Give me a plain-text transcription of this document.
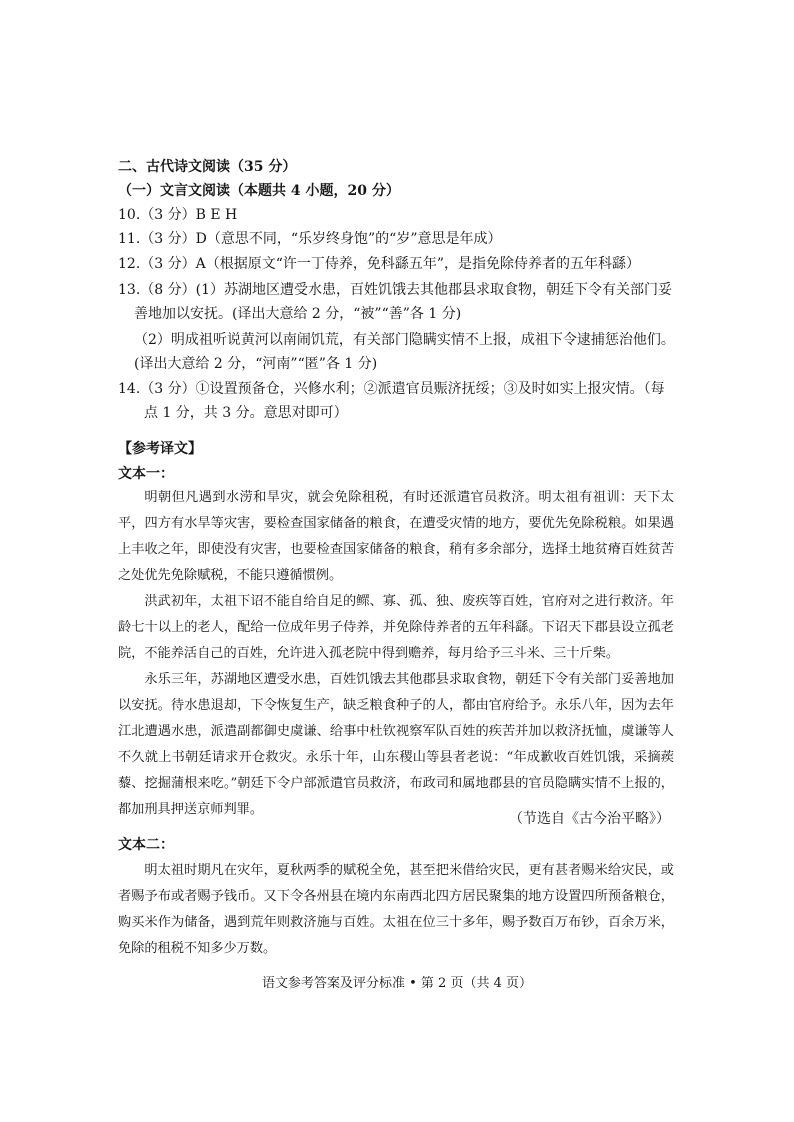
二、古代诗文阅读（35 分）
（一）文言文阅读（本题共 4 小题，20 分）
10.（3 分）B E H
11.（3 分）D（意思不同，“乐岁终身饱”的“岁”意思是年成）
12.（3 分）A（根据原文“许一丁侍养，免科繇五年”，是指免除侍养者的五年科繇）
13.（8 分）(1）苏湖地区遭受水患，百姓饥饿去其他郡县求取食物，朝廷下令有关部门妥
善地加以安抚。(译出大意给 2 分，“被”“善”各 1 分)
（2）明成祖听说黄河以南闹饥荒，有关部门隐瞒实情不上报，成祖下令逮捕惩治他们。
(译出大意给 2 分，“河南”“匿”各 1 分)
14.（3 分）①设置预备仓，兴修水利；②派遣官员赈济抚绥；③及时如实上报灾情。（每
点 1 分，共 3 分。意思对即可）
【参考译文】
文本一：
明朝但凡遇到水涝和旱灾，就会免除租税，有时还派遣官员救济。明太祖有祖训：天下太平，四方有水旱等灾害，要检查国家储备的粮食，在遭受灾情的地方，要优先免除税粮。如果遇上丰收之年，即使没有灾害，也要检查国家储备的粮食，稍有多余部分，选择土地贫瘠百姓贫苦之处优先免除赋税，不能只遵循惯例。
洪武初年，太祖下诏不能自给自足的鳏、寡、孤、独、废疾等百姓，官府对之进行救济。年龄七十以上的老人，配给一位成年男子侍养，并免除侍养者的五年科繇。下诏天下郡县设立孤老院，不能养活自己的百姓，允许进入孤老院中得到赡养，每月给予三斗米、三十斤柴。
永乐三年，苏湖地区遭受水患，百姓饥饿去其他郡县求取食物，朝廷下令有关部门妥善地加以安抚。待水患退却，下令恢复生产，缺乏粮食种子的人，都由官府给予。永乐八年，因为去年江北遭遇水患，派遣副都御史虞谦、给事中杜钦视察军队百姓的疾苦并加以救济抚恤，虞谦等人不久就上书朝廷请求开仓救灾。永乐十年，山东稷山等县者老说：“年成歉收百姓饥饿，采摘蒺藜、挖掘蒲根来吃。”朝廷下令户部派遣官员救济，布政司和属地郡县的官员隐瞒实情不上报的，都加刑具押送京师判罪。
（节选自《古今治平略》）
文本二：
明太祖时期凡在灾年，夏秋两季的赋税全免，甚至把米借给灾民，更有甚者赐米给灾民，或者赐予布或者赐予钱币。又下令各州县在境内东南西北四方居民聚集的地方设置四所预备粮仓，购买米作为储备，遇到荒年则救济施与百姓。太祖在位三十多年，赐予数百万布钞，百余万米，免除的租税不知多少万数。
语文参考答案及评分标准 • 第 2 页（共 4 页）
